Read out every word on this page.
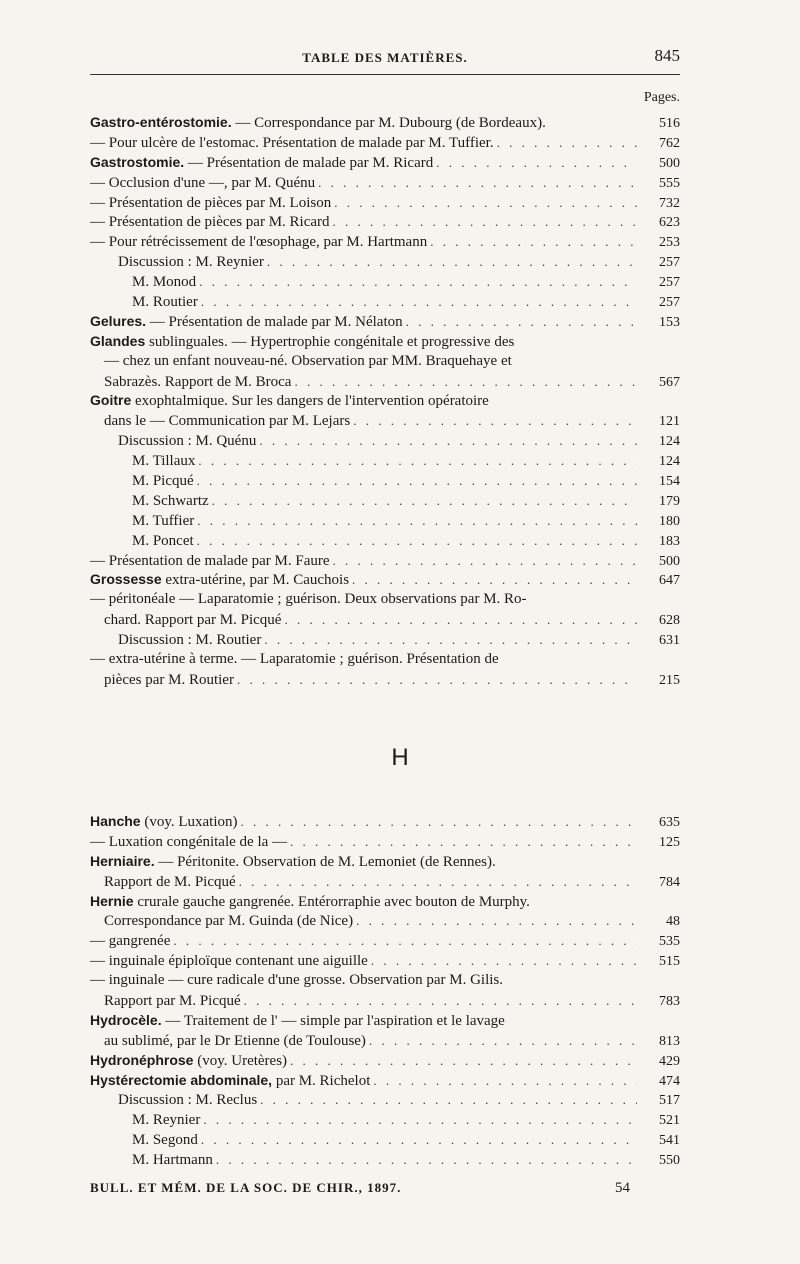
TABLE DES MATIÈRES.	845
Pages.
Gastro-entérostomie. — Correspondance par M. Dubourg (de Bordeaux).	516
— Pour ulcère de l'estomac. Présentation de malade par M. Tuffier. . . .	762
Gastrostomie. — Présentation de malade par M. Ricard . . .	500
— Occlusion d'une —, par M. Quénu . . .	555
— Présentation de pièces par M. Loison . . .	732
— Présentation de pièces par M. Ricard . . .	623
— Pour rétrécissement de l'œsophage, par M. Hartmann . . .	253
Discussion : M. Reynier . . .	257
M. Monod . . .	257
M. Routier . . .	257
Gelures. — Présentation de malade par M. Nélaton . . .	153
Glandes sublinguales. — Hypertrophie congénitale et progressive des
— chez un enfant nouveau-né. Observation par MM. Braquehaye et
Sabrazès. Rapport de M. Broca . . .	567
Goitre exophtalmique. Sur les dangers de l'intervention opératoire
dans le — Communication par M. Lejars . . .	121
Discussion : M. Quénu . . .	124
M. Tillaux . . .	124
M. Picqué . . .	154
M. Schwartz . . .	179
M. Tuffier . . .	180
M. Poncet . . .	183
— Présentation de malade par M. Faure . . .	500
Grossesse extra-utérine, par M. Cauchois . . .	647
— péritonéale — Laparatomie ; guérison. Deux observations par M. Ro-
chard. Rapport par M. Picqué . . .	628
Discussion : M. Routier . . .	631
— extra-utérine à terme. — Laparatomie ; guérison. Présentation de
pièces par M. Routier . . .	215
H
Hanche (voy. Luxation) . . .	635
— Luxation congénitale de la — . . .	125
Herniaire. — Péritonite. Observation de M. Lemoniet (de Rennes).
Rapport de M. Picqué . . .	784
Hernie crurale gauche gangrenée. Entérorraphie avec bouton de Murphy.
Correspondance par M. Guinda (de Nice) . . .	48
— gangrenée . . .	535
— inguinale épiploïque contenant une aiguille . . .	515
— inguinale — cure radicale d'une grosse. Observation par M. Gilis.
Rapport par M. Picqué . . .	783
Hydrocèle. — Traitement de l' — simple par l'aspiration et le lavage
au sublimé, par le Dr Etienne (de Toulouse) . . .	813
Hydronéphrose (voy. Uretères) . . .	429
Hystérectomie abdominale, par M. Richelot . . .	474
Discussion : M. Reclus . . .	517
M. Reynier . . .	521
M. Segond . . .	541
M. Hartmann . . .	550
BULL. ET MÉM. DE LA SOC. DE CHIR., 1897.	54
